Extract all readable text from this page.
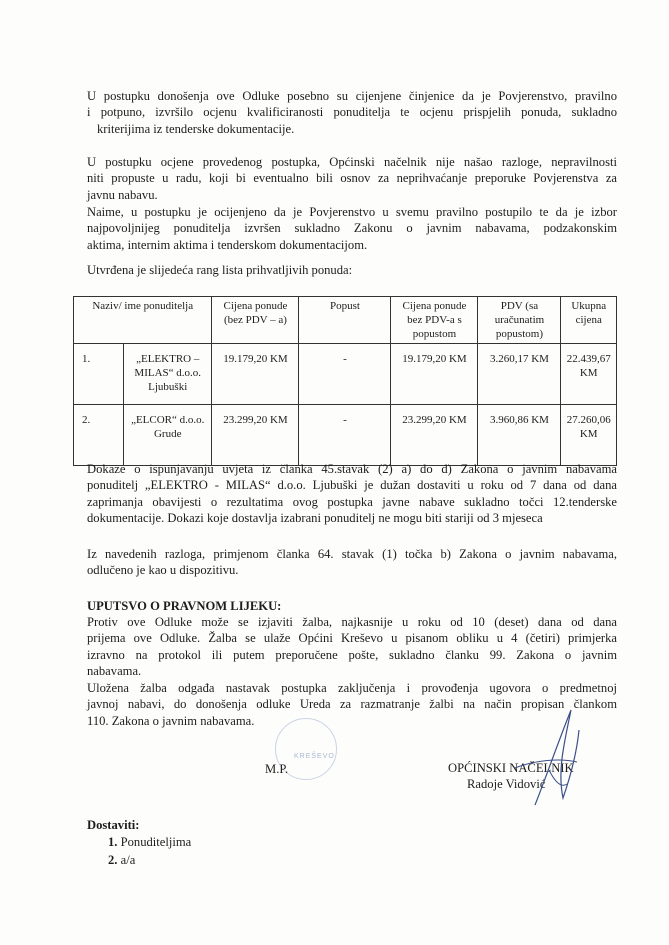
U postupku donošenja ove Odluke posebno su cijenjene činjenice da je Povjerenstvo, pravilno
i potpuno, izvršilo ocjenu kvalificiranosti ponuditelja te ocjenu prispjelih ponuda, sukladno
kriterijima iz tenderske dokumentacije.
U postupku ocjene provedenog postupka, Općinski načelnik nije našao razloge, nepravilnosti
niti propuste u radu, koji bi eventualno bili osnov za neprihvaćanje preporuke Povjerenstva za
javnu nabavu.
Naime, u postupku je ocijenjeno da je Povjerenstvo u svemu pravilno postupilo te da je izbor
najpovoljnijeg ponuditelja izvršen sukladno Zakonu o javnim nabavama, podzakonskim
aktima, internim aktima i tenderskom dokumentacijom.

Utvrđena je slijedeća rang lista prihvatljivih ponuda:

Naziv/ ime ponuditelja		Cijena ponude (bez PDV – a)	Popust	Cijena ponude bez PDV-a s popustom	PDV (sa uračunatim popustom)	Ukupna cijena
1.	„ELEKTRO – MILAS“ d.o.o. Ljubuški	19.179,20 KM	-	19.179,20 KM	3.260,17 KM	22.439,67 KM
2.	„ELCOR“ d.o.o. Grude	23.299,20 KM	-	23.299,20 KM	3.960,86 KM	27.260,06 KM
Dokaze o ispunjavanju uvjeta iz članka 45.stavak (2) a) do d) Zakona o javnim nabavama
ponuditelj „ELEKTRO - MILAS“ d.o.o. Ljubuški je dužan dostaviti u roku od 7 dana od dana
zaprimanja obavijesti o rezultatima ovog postupka javne nabave sukladno točci 12.tenderske
dokumentacije. Dokazi koje dostavlja izabrani ponuditelj ne mogu biti stariji od 3 mjeseca
Iz navedenih razloga, primjenom članka 64. stavak (1) točka b) Zakona o javnim nabavama,
odlučeno je kao u dispozitivu.

UPUTSVO O PRAVNOM LIJEKU:

Protiv ove Odluke može se izjaviti žalba, najkasnije u roku od 10 (deset) dana od dana
prijema ove Odluke. Žalba se ulaže Općini Kreševo u pisanom obliku u 4 (četiri) primjerka
izravno na protokol ili putem preporučene pošte, sukladno članku 99. Zakona o javnim
nabavama.
Uložena žalba odgađa nastavak postupka zaključenja i provođenja ugovora o predmetnoj
javnoj nabavi, do donošenja odluke Ureda za razmatranje žalbi na način propisan člankom
110. Zakona o javnim nabavama.
KREŠEVO
M.P.	OPĆINSKI NAČELNIK
Radoje Vidović

Dostaviti:

1. Ponuditeljima
2. a/a
